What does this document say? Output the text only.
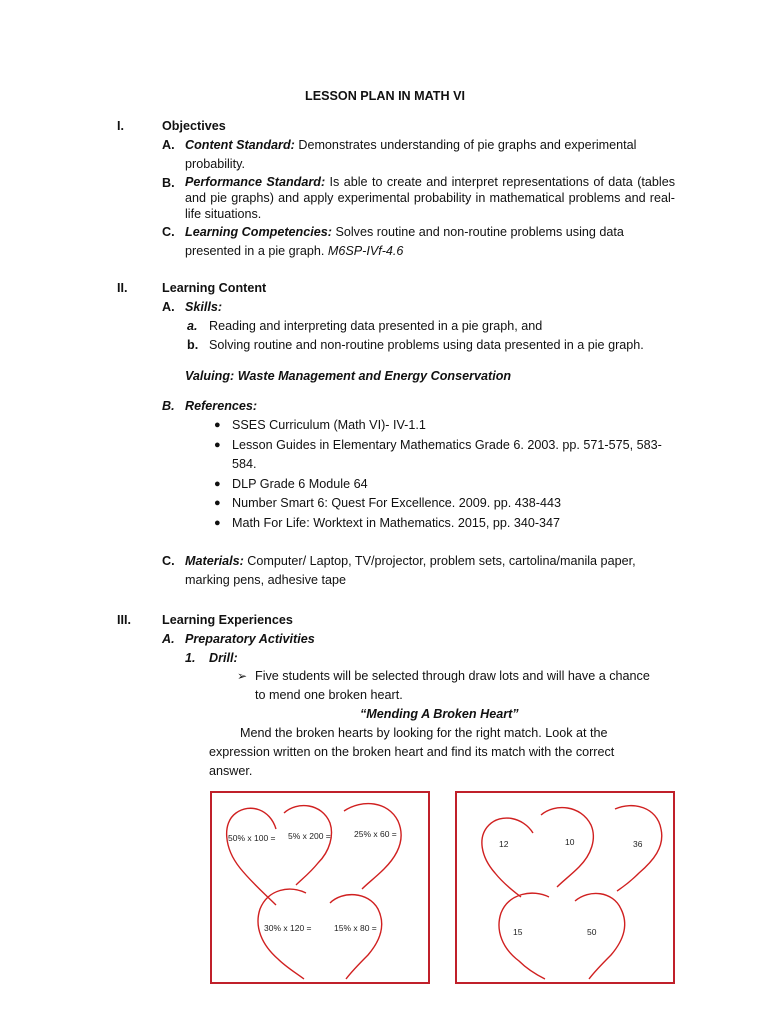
LESSON PLAN IN MATH VI
I.	Objectives
A. Content Standard: Demonstrates understanding of pie graphs and experimental
probability.
B. Performance Standard: Is able to create and interpret representations of data (tables and pie graphs) and apply experimental probability in mathematical problems and real-life situations.
C. Learning Competencies: Solves routine and non-routine problems using data
presented in a pie graph. M6SP-IVf-4.6
II.	Learning Content
A. Skills:
a. Reading and interpreting data presented in a pie graph, and
b. Solving routine and non-routine problems using data presented in a pie graph.
Valuing: Waste Management and Energy Conservation
B. References:
● SSES Curriculum (Math VI)- IV-1.1
● Lesson Guides in Elementary Mathematics Grade 6. 2003. pp. 571-575, 583-
584.
● DLP Grade 6 Module 64
● Number Smart 6: Quest For Excellence. 2009. pp. 438-443
● Math For Life: Worktext in Mathematics. 2015, pp. 340-347
C. Materials: Computer/ Laptop, TV/projector, problem sets, cartolina/manila paper,
marking pens, adhesive tape
III. Learning Experiences
A. Preparatory Activities
1. Drill:
➢ Five students will be selected through draw lots and will have a chance
to mend one broken heart.
“Mending A Broken Heart”
Mend the broken hearts by looking for the right match. Look at the
expression written on the broken heart and find its match with the correct
answer.
50% x 100 = 5% x 200 =	25% x 60 =
30% x 120 =	15% x 80 =
12	10	36
15	50
